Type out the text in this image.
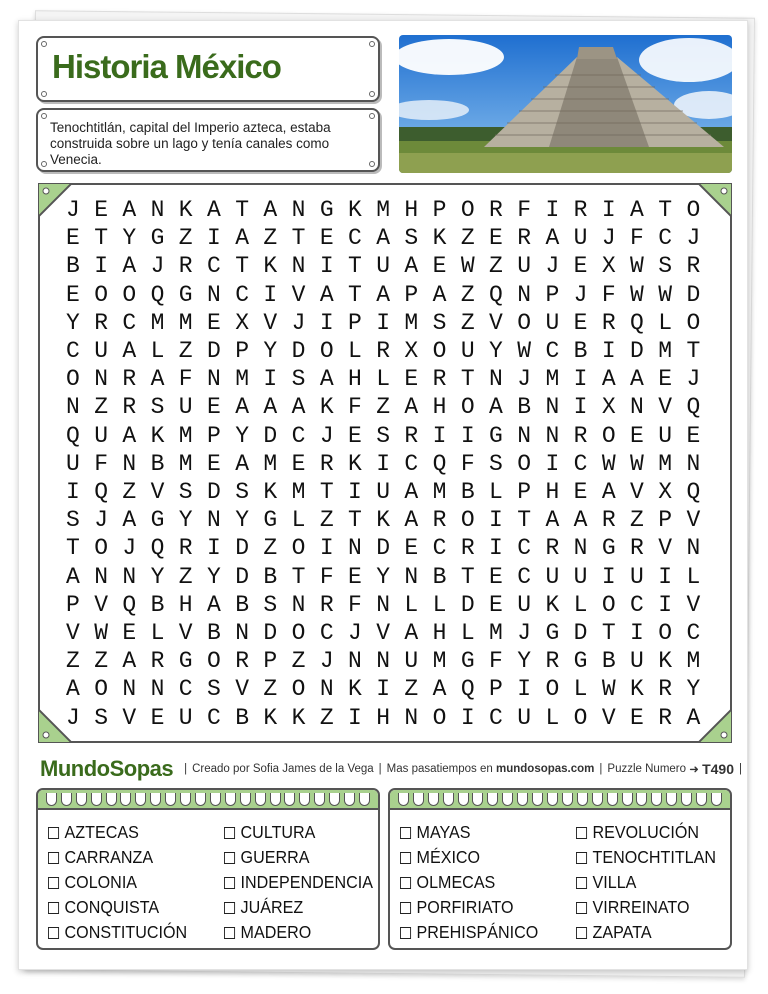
Historia México

Tenochtitlán, capital del Imperio azteca, estaba construida sobre un lago y tenía canales como Venecia.

JEANKATANGKMHPORFIRIATO
ETYGZIAZTECASKZERAUJFCJ
BIAJRCTKNITUAEWZUJEXWSR
EOOQGNCIVATAPAZQNPJFWWD
YRCMMEXVJIPIMSZVOUERQLO
CUALZDPYDOLRXOUYWCBIDMT
ONRAFNMISAHLERTNJMIAAEJ
NZRSUEAAAKFZAHOABNIXNVQ
QUAKMPYDCJESRIIGNNROEUE
UFNBMEAMERKICQFSOICWWMN
IQZVSDSKMTIUAMBLPHEAVXQ
SJAGYNYGLZTKAROITAARZPV
TOJQRIDZOINDECRICRNGRVN
ANNYZYDBTFEYNBTECUUIUIL
PVQBHABSNRFNLLDEUKLOCIV
VWELVBNDOCJVAHLMJGDTIOC
ZZARGORPZJNNUMGFYRGBUKM
AONNCSVZONKIZAQPIOLWKRY
JSVEUCBKKZIHNOICULOVERA
MundoSopas | Creado por Sofia James de la Vega | Mas pasatiempos en
mundosopas.com | Puzzle Numero
➜
T490 |
AZTECAS
CARRANZA
COLONIA
CONQUISTA
CONSTITUCIÓN
CULTURA
GUERRA
INDEPENDENCIA
JUÁREZ
MADERO
MAYAS
MÉXICO
OLMECAS
PORFIRIATO
PREHISPÁNICO
REVOLUCIÓN
TENOCHTITLAN
VILLA
VIRREINATO
ZAPATA
